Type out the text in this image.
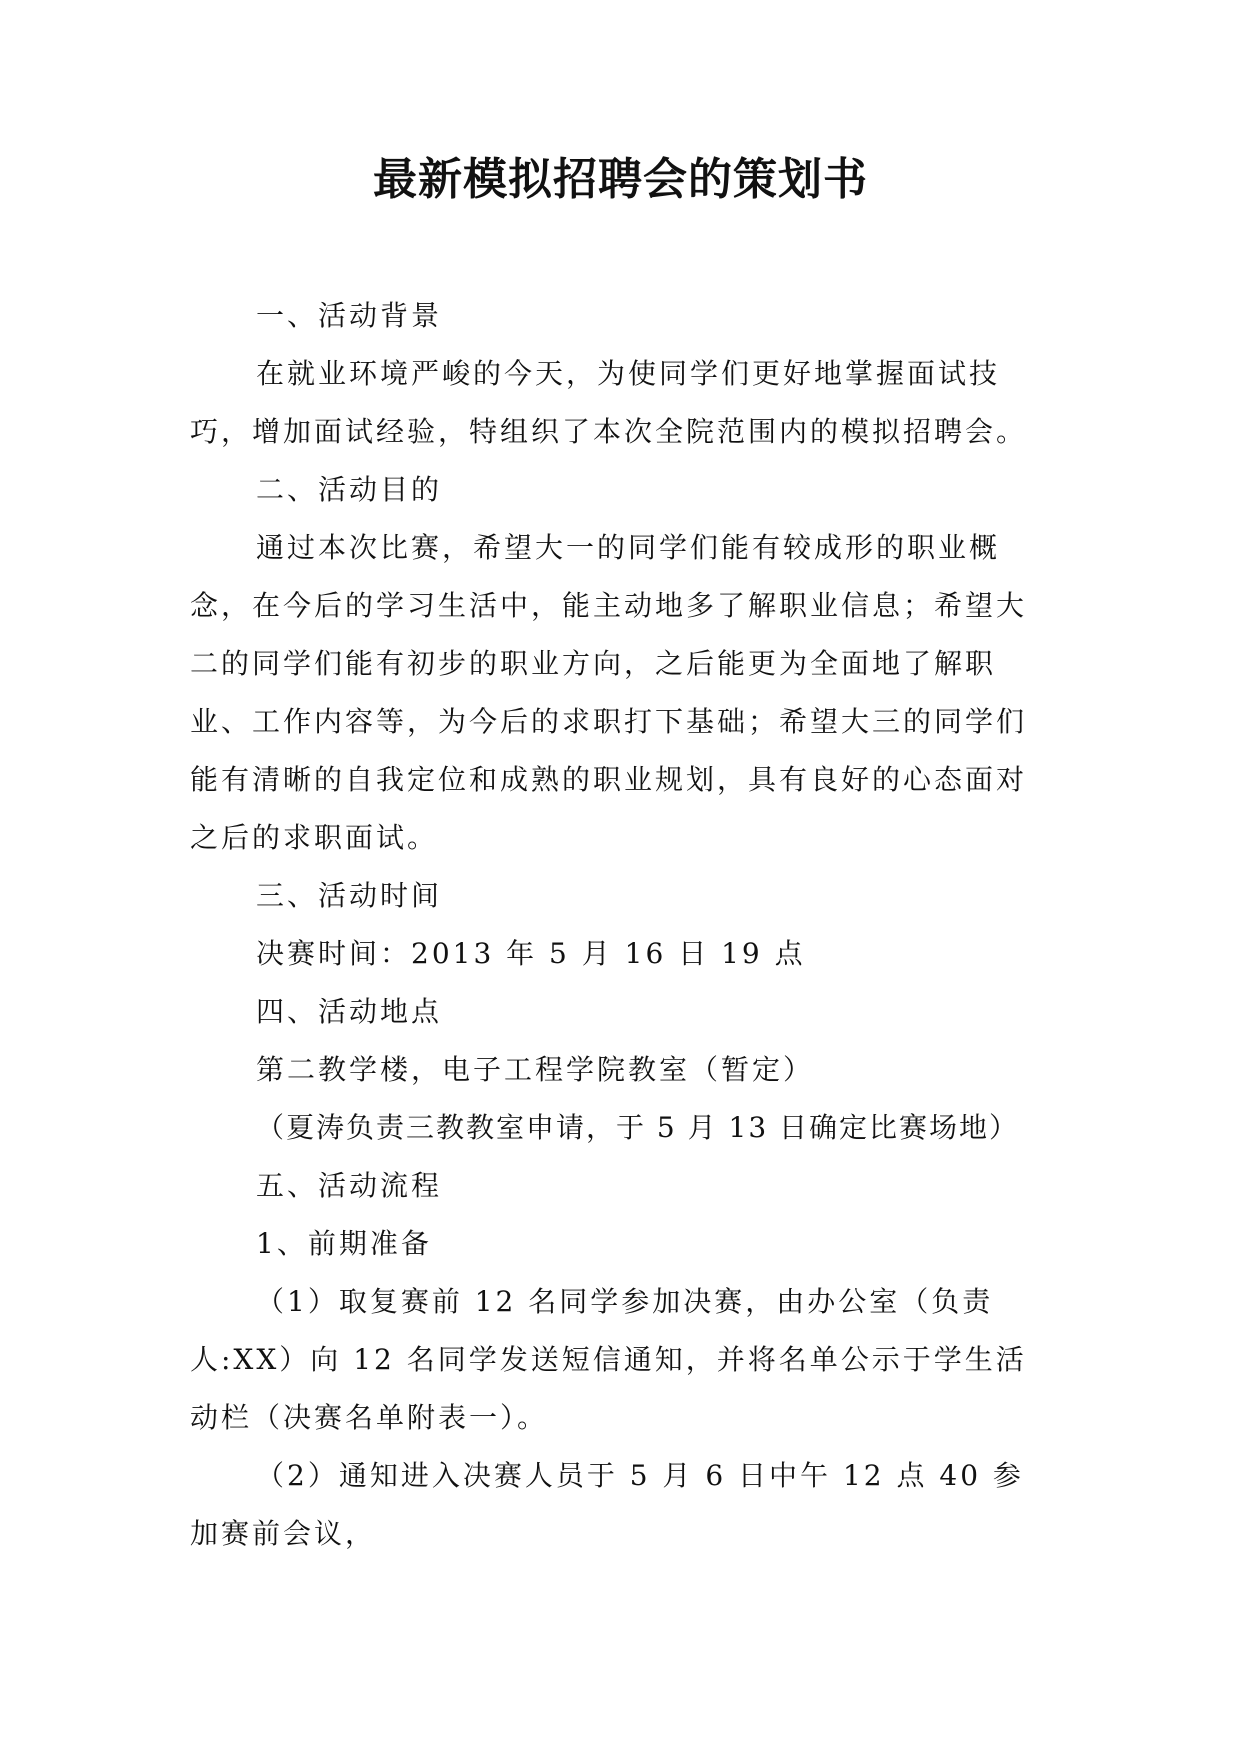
最新模拟招聘会的策划书

一、活动背景

在就业环境严峻的今天，为使同学们更好地掌握面试技巧，增加面试经验，特组织了本次全院范围内的模拟招聘会。

二、活动目的

通过本次比赛，希望大一的同学们能有较成形的职业概念，在今后的学习生活中，能主动地多了解职业信息；希望大二的同学们能有初步的职业方向，之后能更为全面地了解职业、工作内容等，为今后的求职打下基础；希望大三的同学们能有清晰的自我定位和成熟的职业规划，具有良好的心态面对之后的求职面试。

三、活动时间

决赛时间：2013 年 5 月 16 日 19 点

四、活动地点

第二教学楼，电子工程学院教室（暂定）

（夏涛负责三教教室申请，于 5 月 13 日确定比赛场地）

五、活动流程

1、前期准备

（1）取复赛前 12 名同学参加决赛，由办公室（负责人:XX）向 12 名同学发送短信通知，并将名单公示于学生活动栏（决赛名单附表一）。

（2）通知进入决赛人员于 5 月 6 日中午 12 点 40 参加赛前会议，
